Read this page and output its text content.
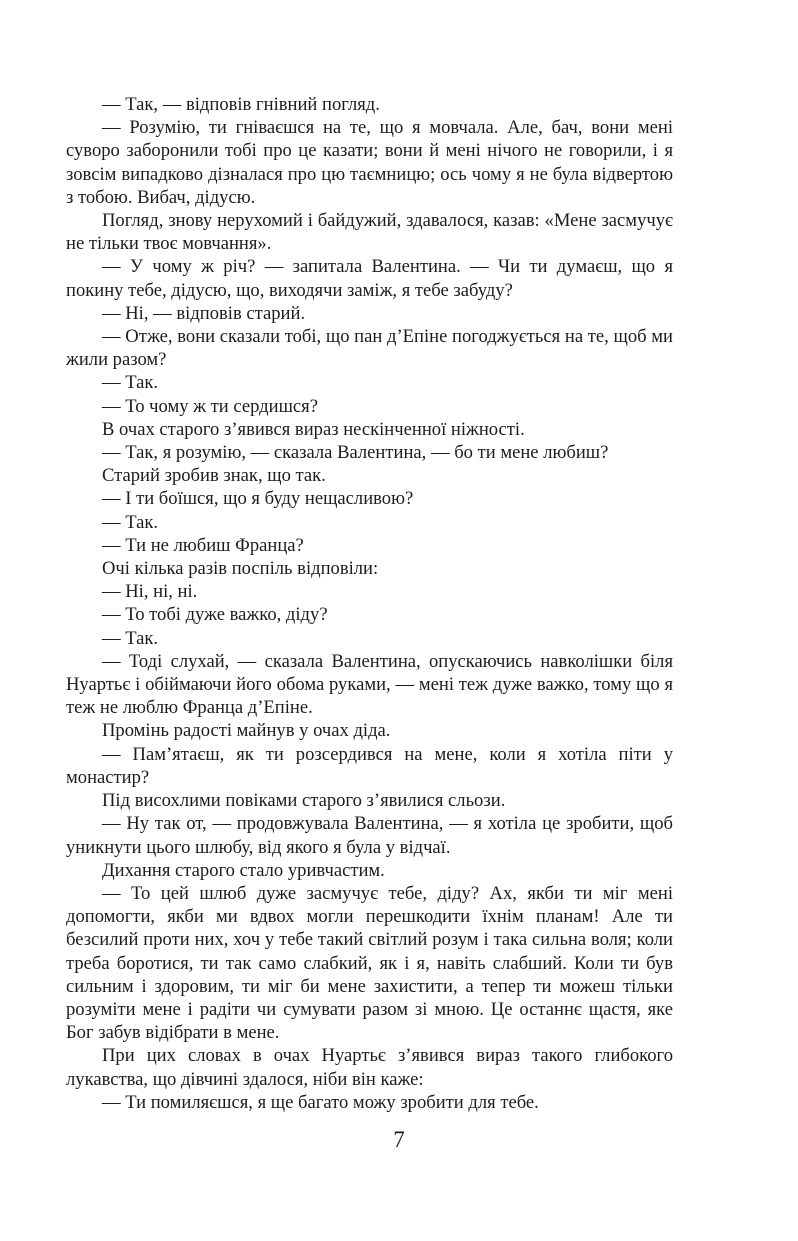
— Так, — відповів гнівний погляд.

— Розумію, ти гніваєшся на те, що я мовчала. Але, бач, вони мені суворо заборонили тобі про це казати; вони й мені нічого не говорили, і я зовсім випадково дізналася про цю таємницю; ось чому я не була відвертою з тобою. Вибач, дідусю.

Погляд, знову нерухомий і байдужий, здавалося, казав: «Мене засмучує не тільки твоє мовчання».

— У чому ж річ? — запитала Валентина. — Чи ти думаєш, що я покину тебе, дідусю, що, виходячи заміж, я тебе забуду?

— Ні, — відповів старий.

— Отже, вони сказали тобі, що пан д’Епіне погоджується на те, щоб ми жили разом?

— Так.

— То чому ж ти сердишся?

В очах старого з’явився вираз нескінченної ніжності.

— Так, я розумію, — сказала Валентина, — бо ти мене любиш?

Старий зробив знак, що так.

— І ти боїшся, що я буду нещасливою?

— Так.

— Ти не любиш Франца?

Очі кілька разів поспіль відповіли:

— Ні, ні, ні.

— То тобі дуже важко, діду?

— Так.

— Тоді слухай, — сказала Валентина, опускаючись навколішки біля Нуартьє і обіймаючи його обома руками, — мені теж дуже важко, тому що я теж не люблю Франца д’Епіне.

Промінь радості майнув у очах діда.

— Пам’ятаєш, як ти розсердився на мене, коли я хотіла піти у монастир?

Під висохлими повіками старого з’явилися сльози.

— Ну так от, — продовжувала Валентина, — я хотіла це зробити, щоб уникнути цього шлюбу, від якого я була у відчаї.

Дихання старого стало уривчастим.

— То цей шлюб дуже засмучує тебе, діду? Ах, якби ти міг мені допомогти, якби ми вдвох могли перешкодити їхнім планам! Але ти безсилий проти них, хоч у тебе такий світлий розум і така сильна воля; коли треба боротися, ти так само слабкий, як і я, навіть слабший. Коли ти був сильним і здоровим, ти міг би мене захистити, а тепер ти можеш тільки розуміти мене і радіти чи сумувати разом зі мною. Це останнє щастя, яке Бог забув відібрати в мене.

При цих словах в очах Нуартьє з’явився вираз такого глибокого лукавства, що дівчині здалося, ніби він каже:

— Ти помиляєшся, я ще багато можу зробити для тебе.

7
